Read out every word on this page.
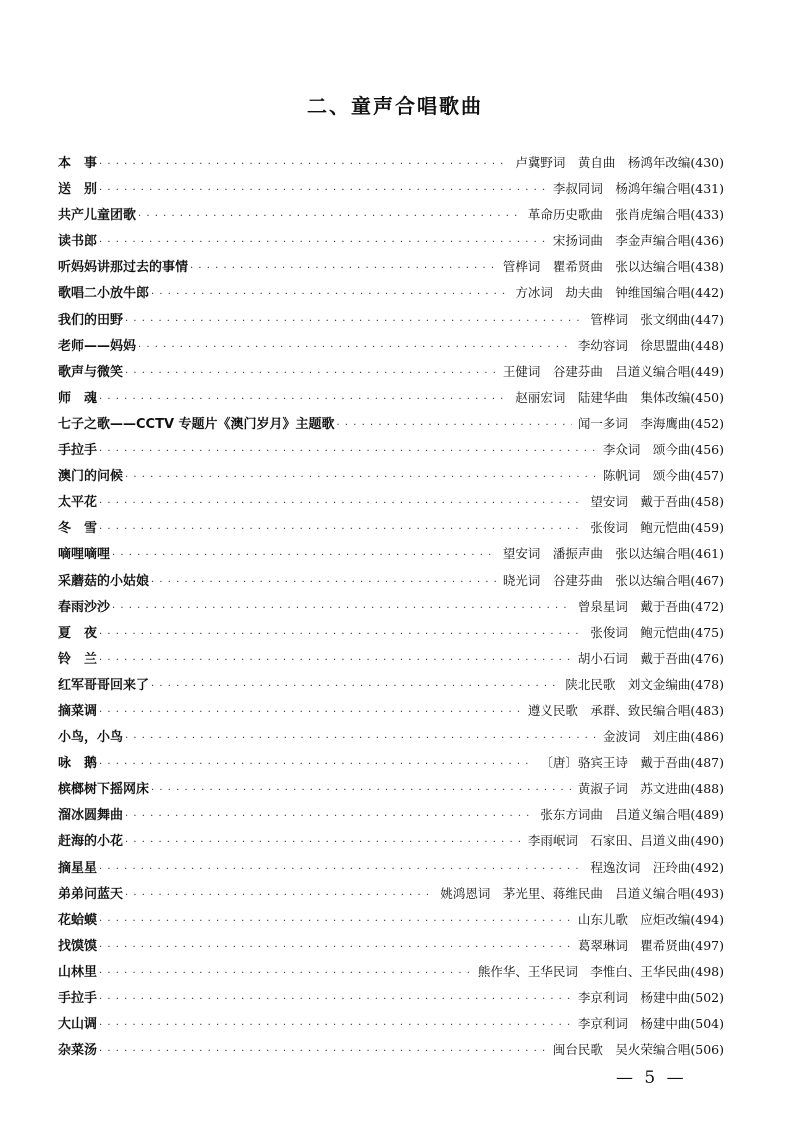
二、童声合唱歌曲
本　事 · · ·	卢冀野词　黄自曲　杨鸿年改编 (430)
送　别 · · ·	李叔同词　杨鸿年编合唱 (431)
共产儿童团歌 · · ·	革命历史歌曲　张肖虎编合唱 (433)
读书郎 · · ·	宋扬词曲　李金声编合唱 (436)
听妈妈讲那过去的事情 · · ·	管桦词　瞿希贤曲　张以达编合唱 (438)
歌唱二小放牛郎 · · ·	方冰词　劫夫曲　钟维国编合唱 (442)
我们的田野 · · ·	管桦词　张文纲曲 (447)
老师——妈妈 · · ·	李幼容词　徐思盟曲 (448)
歌声与微笑 · · ·	王健词　谷建芬曲　吕道义编合唱 (449)
师　魂 · · ·	赵丽宏词　陆建华曲　集体改编 (450)
七子之歌——CCTV 专题片《澳门岁月》主题歌 · · ·	闻一多词　李海鹰曲 (452)
手拉手 · · ·	李众词　颂今曲 (456)
澳门的问候 · · ·	陈帆词　颂今曲 (457)
太平花 · · ·	望安词　戴于吾曲 (458)
冬　雪 · · ·	张俊词　鲍元恺曲 (459)
嘀哩嘀哩 · · ·	望安词　潘振声曲　张以达编合唱 (461)
采蘑菇的小姑娘 · · ·	晓光词　谷建芬曲　张以达编合唱 (467)
春雨沙沙 · · ·	曾泉星词　戴于吾曲 (472)
夏　夜 · · ·	张俊词　鲍元恺曲 (475)
铃　兰 · · ·	胡小石词　戴于吾曲 (476)
红军哥哥回来了 · · ·	陕北民歌　刘文金编曲 (478)
摘菜调 · · ·	遵义民歌　承群、致民编合唱 (483)
小鸟，小鸟 · · ·	金波词　刘庄曲 (486)
咏　鹅 · · ·	〔唐〕骆宾王诗　戴于吾曲 (487)
槟榔树下摇网床 · · ·	黄淑子词　苏文进曲 (488)
溜冰圆舞曲 · · ·	张东方词曲　吕道义编合唱 (489)
赶海的小花 · · ·	李雨岷词　石家田、吕道义曲 (490)
摘星星 · · ·	程逸汝词　汪玲曲 (492)
弟弟问蓝天 · · ·	姚鸿恩词　茅光里、蒋维民曲　吕道义编合唱 (493)
花蛤蟆 · · ·	山东儿歌　应炬改编 (494)
找馍馍 · · ·	葛翠琳词　瞿希贤曲 (497)
山林里 · · ·	熊作华、王华民词　李惟白、王华民曲 (498)
手拉手 · · ·	李京利词　杨建中曲 (502)
大山调 · · ·	李京利词　杨建中曲 (504)
杂菜汤 · · ·	闽台民歌　吴火荣编合唱 (506)
— 5 —
